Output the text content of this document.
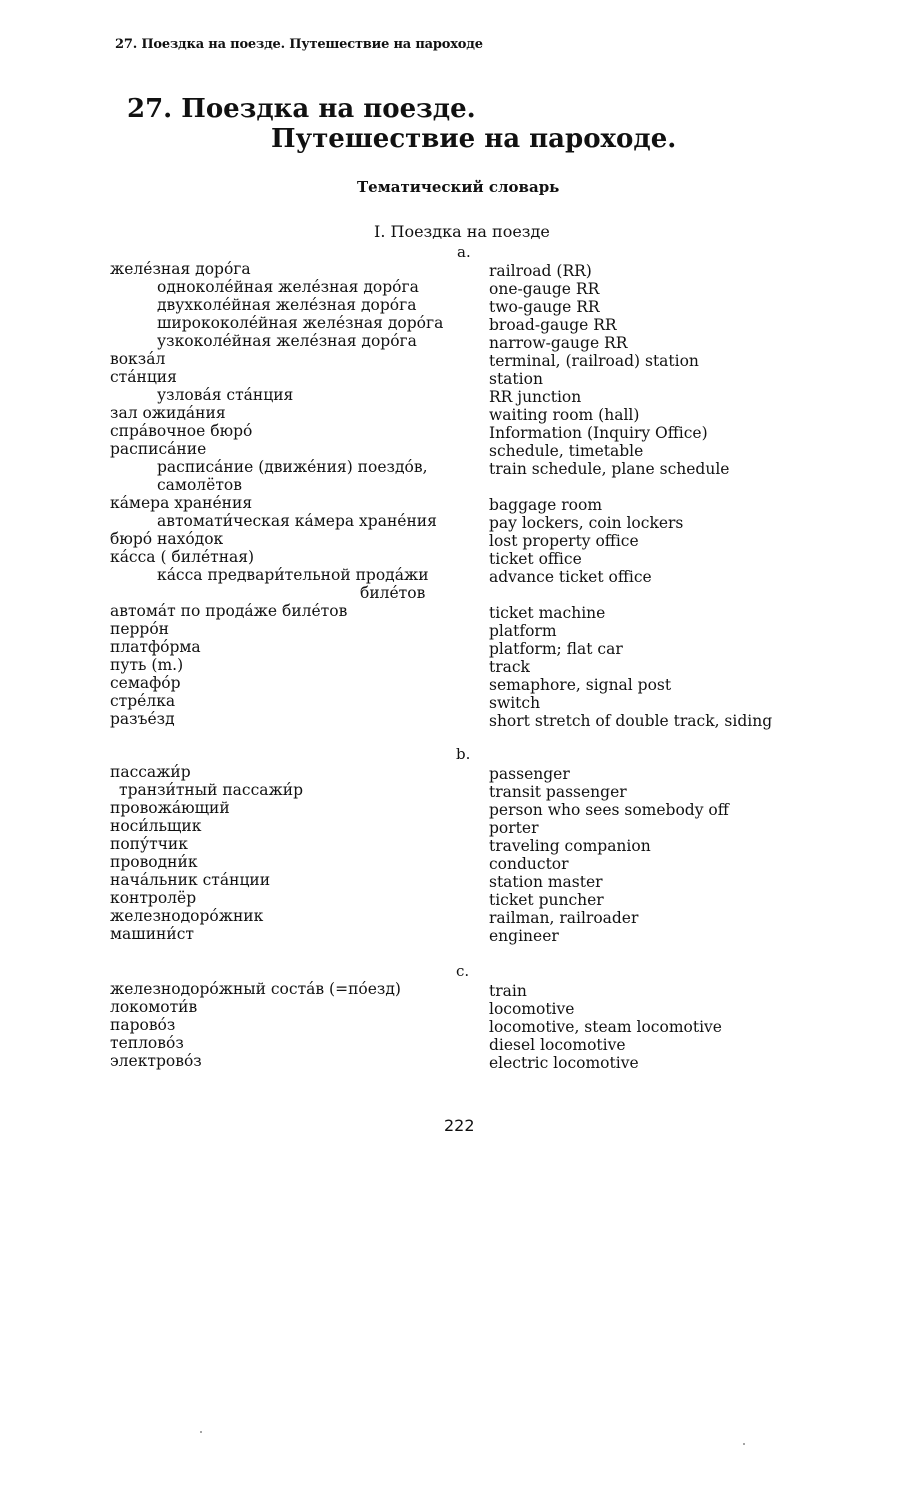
27. Поездка на поезде. Путешествие на пароходе
27. Поездка на поезде.
Путешествие на пароходе.
Тематический словарь
I. Поездка на поезде
a.
b.
c.
желе́зная доро́га	railroad (RR)
одноколе́йная желе́зная доро́га	one-gauge RR
двухколе́йная желе́зная доро́га	two-gauge RR
ширококоле́йная желе́зная доро́га	broad-gauge RR
узкоколе́йная желе́зная доро́га	narrow-gauge RR
вокза́л	terminal, (railroad) station
ста́нция	station
узлова́я ста́нция	RR junction
зал ожида́ния	waiting room (hall)
спра́вочное бюро́	Information (Inquiry Office)
расписа́ние	schedule, timetable
расписа́ние (движе́ния) поездо́в,	train schedule, plane schedule
самолётов
ка́мера хране́ния	baggage room
автомати́ческая ка́мера хране́ния	pay lockers, coin lockers
бюро́ нахо́док	lost property office
ка́сса ( биле́тная)	ticket office
ка́сса предвари́тельной прода́жи	advance ticket office
биле́тов
автома́т по прода́же биле́тов	ticket machine
перро́н	platform
платфо́рма	platform; flat car
путь (m.)	track
семафо́р	semaphore, signal post
стре́лка	switch
разъе́зд	short stretch of double track, siding
пассажи́р	passenger
транзи́тный пассажи́р	transit passenger
провожа́ющий	person who sees somebody off
носи́льщик	porter
попу́тчик	traveling companion
проводни́к	conductor
нача́льник ста́нции	station master
контролёр	ticket puncher
железнодоро́жник	railman, railroader
машини́ст	engineer
железнодоро́жный соста́в (=по́езд)	train
локомоти́в	locomotive
парово́з	locomotive, steam locomotive
теплово́з	diesel locomotive
электрово́з	electric locomotive
222
